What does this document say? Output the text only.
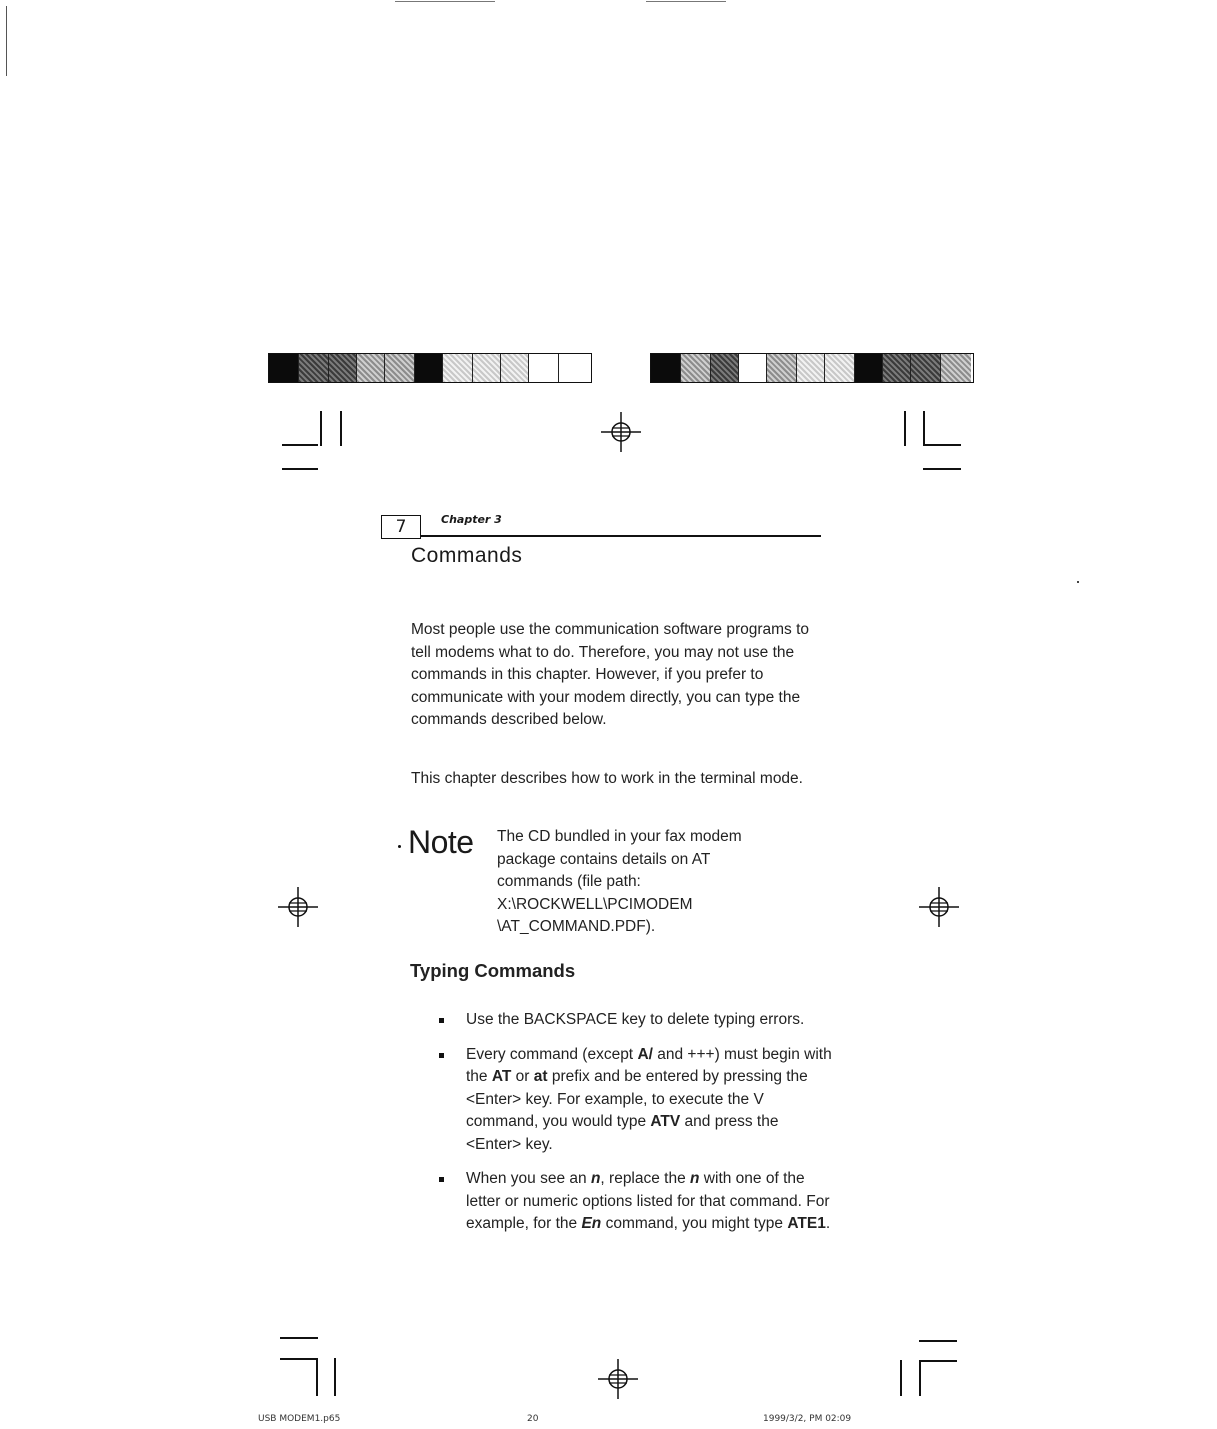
7	Chapter 3
Commands
Most people use the communication software programs to tell modems what to do. Therefore, you may not use the commands in this chapter. However, if you prefer to communicate with your modem directly, you can type the commands described below.
This chapter describes how to work in the terminal mode.
Note The CD bundled in your fax modem
package contains details on AT
commands (file path:
X:\ROCKWELL\PCIMODEM
\AT_COMMAND.PDF).
Typing Commands
Use the BACKSPACE key to delete typing errors.
Every command (except A/ and +++) must begin with the AT or at prefix and be entered by pressing the <Enter> key. For example, to execute the V command, you would type ATV and press the <Enter> key.
When you see an n, replace the n with one of the letter or numeric options listed for that command. For example, for the En command, you might type ATE1.
USB MODEM1.p65	20	1999/3/2, PM 02:09
